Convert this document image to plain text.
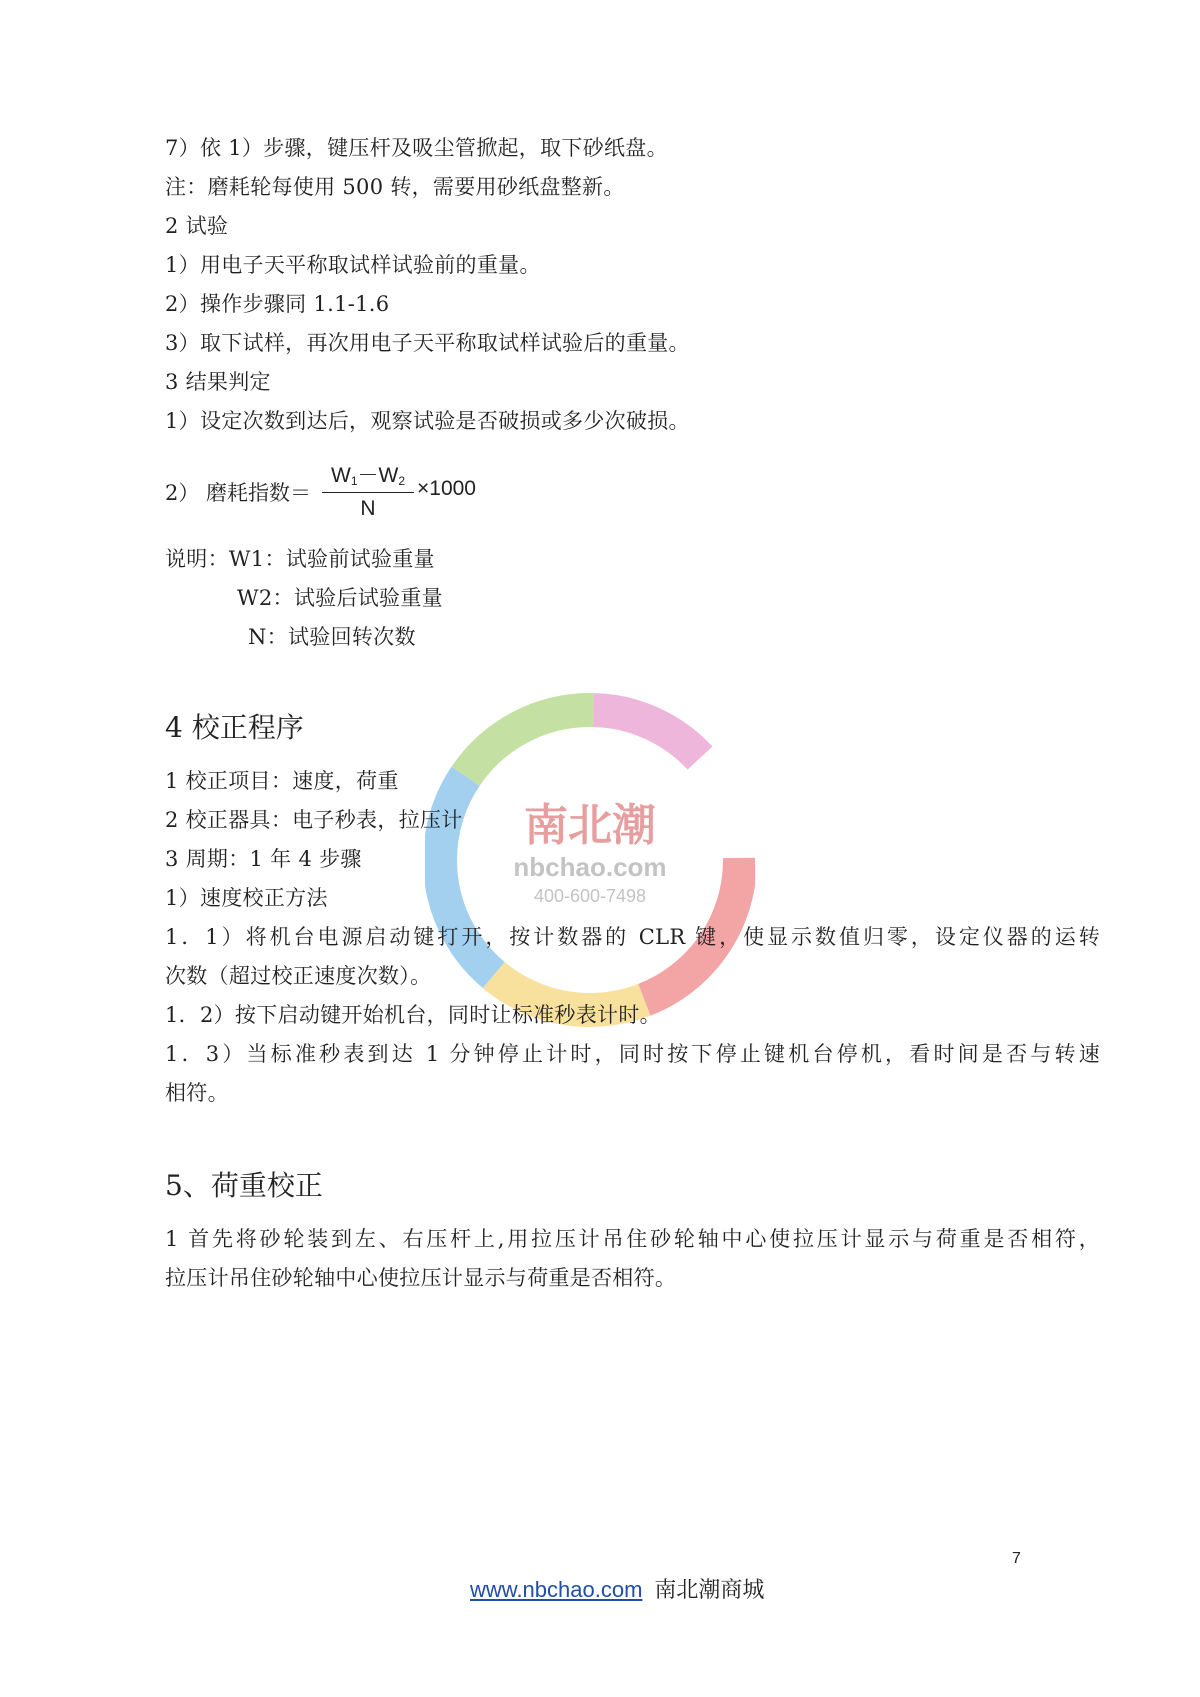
7）依 1）步骤，键压杆及吸尘管掀起，取下砂纸盘。
注：磨耗轮每使用 500 转，需要用砂纸盘整新。
2 试验
1）用电子天平称取试样试验前的重量。
2）操作步骤同 1.1-1.6
3）取下试样，再次用电子天平称取试样试验后的重量。
3 结果判定
1）设定次数到达后，观察试验是否破损或多少次破损。
2） 磨耗指数＝
$W_1-W_2$
N
×1000
说明：W1：试验前试验重量
W2：试验后试验重量
N：试验回转次数
南北潮
nbchao.com
400-600-7498
4 校正程序
1 校正项目：速度，荷重
2 校正器具：电子秒表，拉压计
3 周期：1 年 4 步骤
1）速度校正方法
1．1）将机台电源启动键打开，按计数器的 CLR 键，使显示数值归零，设定仪器的运转
次数（超过校正速度次数）。
1．2）按下启动键开始机台，同时让标准秒表计时。
1．3）当标准秒表到达 1 分钟停止计时，同时按下停止键机台停机，看时间是否与转速
相符。
5、荷重校正
1 首先将砂轮装到左、右压杆上,用拉压计吊住砂轮轴中心使拉压计显示与荷重是否相符，
拉压计吊住砂轮轴中心使拉压计显示与荷重是否相符。
7
www.nbchao.com 南北潮商城
